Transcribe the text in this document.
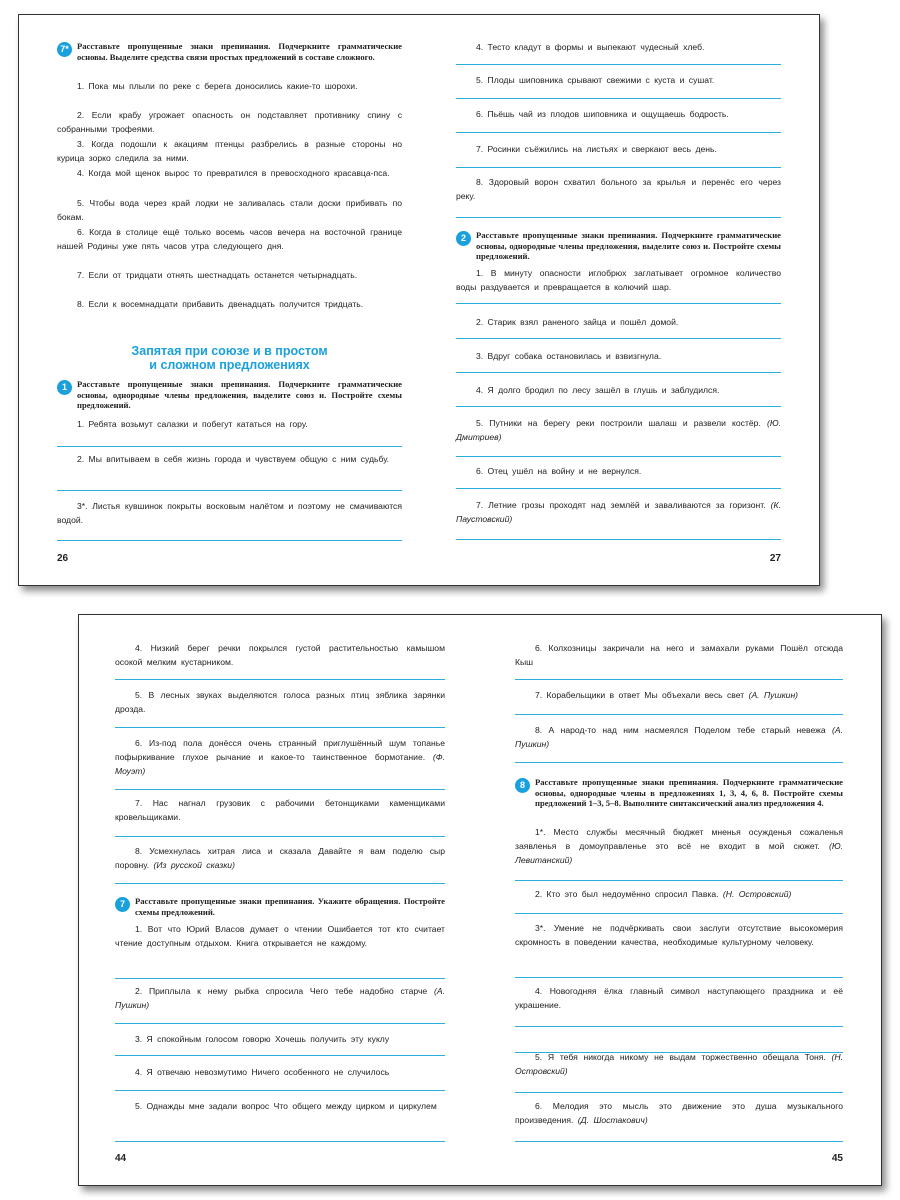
7* Расставьте пропущенные знаки препинания. Подчеркните грамматические основы. Выделите средства связи простых предложений в составе сложного.
1. Пока мы плыли по реке с берега доносились какие-то шорохи.
2. Если крабу угрожает опасность он подставляет противнику спину с собранными трофеями.
3. Когда подошли к акациям птенцы разбрелись в разные стороны но курица зорко следила за ними.
4. Когда мой щенок вырос то превратился в превосходного красавца-пса.
5. Чтобы вода через край лодки не заливалась стали доски прибивать по бокам.
6. Когда в столице ещё только восемь часов вечера на восточной границе нашей Родины уже пять часов утра следующего дня.
7. Если от тридцати отнять шестнадцать останется четырнадцать.
8. Если к восемнадцати прибавить двенадцать получится тридцать.
Запятая при союзе и в простом
и сложном предложениях
1	Расставьте пропущенные знаки препинания. Подчеркните грамматические основы, однородные члены предложения, выделите союз и. Постройте схемы предложений.
1. Ребята возьмут салазки и побегут кататься на гору.
2. Мы впитываем в себя жизнь города и чувствуем общую с ним судьбу.
3*. Листья кувшинок покрыты восковым налётом и поэтому не смачиваются водой.
26
4. Тесто кладут в формы и выпекают чудесный хлеб.
5. Плоды шиповника срывают свежими с куста и сушат.
6. Пьёшь чай из плодов шиповника и ощущаешь бодрость.
7. Росинки съёжились на листьях и сверкают весь день.
8. Здоровый ворон схватил больного за крылья и перенёс его через реку.
2	Расставьте пропущенные знаки препинания. Подчеркните грамматические основы, однородные члены предложения, выделите союз и. Постройте схемы предложений.
1. В минуту опасности иглобрюх заглатывает огромное количество воды раздувается и превращается в колючий шар.
2. Старик взял раненого зайца и пошёл домой.
3. Вдруг собака остановилась и взвизгнула.
4. Я долго бродил по лесу зашёл в глушь и заблудился.
5. Путники на берегу реки построили шалаш и развели костёр. (Ю. Дмитриев)
6. Отец ушёл на войну и не вернулся.
7. Летние грозы проходят над землёй и заваливаются за горизонт. (К. Паустовский)
27
4. Низкий берег речки покрылся густой растительностью камышом осокой мелким кустарником.
5. В лесных звуках выделяются голоса разных птиц зяблика зарянки дрозда.
6. Из-под пола донёсся очень странный приглушённый шум топанье пофыркивание глухое рычание и какое-то таинственное бормотание. (Ф. Моуэт)
7. Нас нагнал грузовик с рабочими бетонщиками каменщиками кровельщиками.
8. Усмехнулась хитрая лиса и сказала Давайте я вам поделю сыр поровну. (Из русской сказки)
7	Расставьте пропущенные знаки препинания. Укажите обращения. Постройте схемы предложений.
1. Вот что Юрий Власов думает о чтении Ошибается тот кто считает чтение доступным отдыхом. Книга открывается не каждому.
2. Приплыла к нему рыбка спросила Чего тебе надобно старче (А. Пушкин)
3. Я спокойным голосом говорю Хочешь получить эту куклу
4. Я отвечаю невозмутимо Ничего особенного не случилось
5. Однажды мне задали вопрос Что общего между цирком и циркулем
44
6. Колхозницы закричали на него и замахали руками Пошёл отсюда Кыш
7. Корабельщики в ответ Мы объехали весь свет (А. Пушкин)
8. А народ-то над ним насмеялся Поделом тебе старый невежа (А. Пушкин)
8	Расставьте пропущенные знаки препинания. Подчеркните грамматические основы, однородные члены в предложениях 1, 3, 4, 6, 8. Постройте схемы предложений 1–3, 5–8. Выполните синтаксический анализ предложения 4.
1*. Место службы месячный бюджет мненья осужденья сожаленья заявленья в домоуправленье это всё не входит в мой сюжет. (Ю. Левитанский)
2. Кто это был недоумённо спросил Павка. (Н. Островский)
3*. Умение не подчёркивать свои заслуги отсутствие высокомерия скромность в поведении качества, необходимые культурному человеку.
4. Новогодняя ёлка главный символ наступающего праздника и её украшение.
5. Я тебя никогда никому не выдам торжественно обещала Тоня. (Н. Островский)
6. Мелодия это мысль это движение это душа музыкального произведения. (Д. Шостакович)
45
